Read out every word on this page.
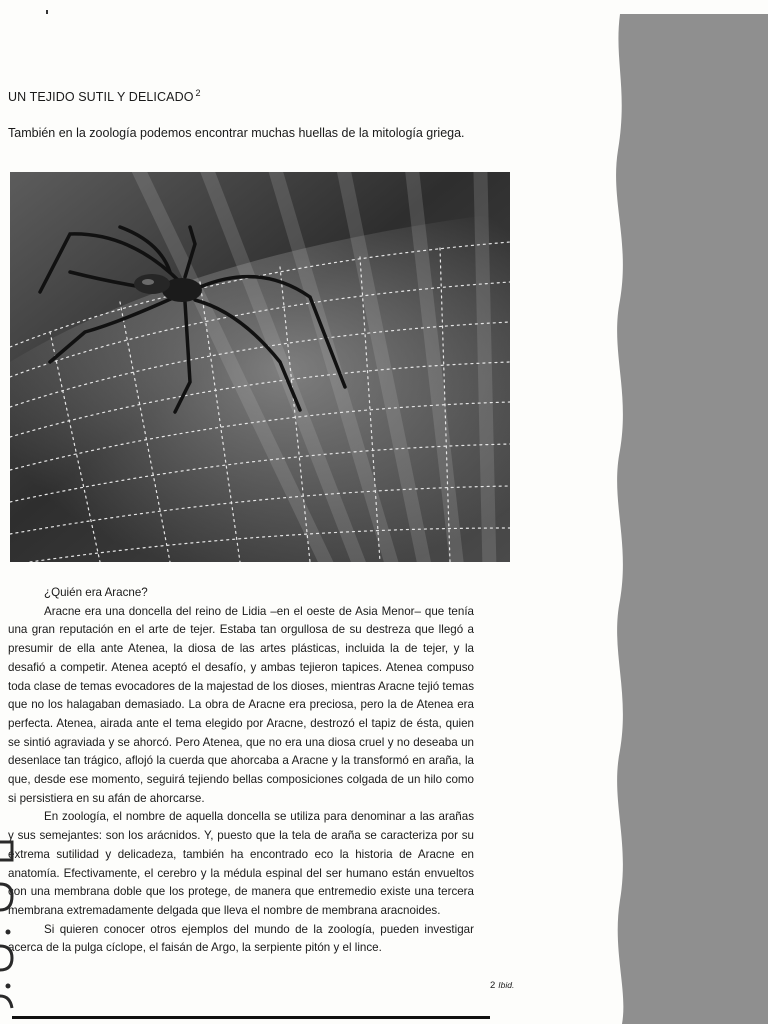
UN TEJIDO SUTIL Y DELICADO $^2$

También en la zoología podemos encontrar muchas huellas de la mitología griega.

¿Quién era Aracne?

Aracne era una doncella del reino de Lidia –en el oeste de Asia Menor– que tenía una gran reputación en el arte de tejer. Estaba tan orgullosa de su destreza que llegó a presumir de ella ante Atenea, la diosa de las artes plásticas, incluida la de tejer, y la desafió a competir. Atenea aceptó el desafío, y ambas tejieron tapices. Atenea compuso toda clase de temas evocadores de la majestad de los dioses, mientras Aracne tejió temas que no los halagaban demasiado. La obra de Aracne era preciosa, pero la de Atenea era perfecta. Atenea, airada ante el tema elegido por Aracne, destrozó el tapiz de ésta, quien se sintió agraviada y se ahorcó. Pero Atenea, que no era una diosa cruel y no deseaba un desenlace tan trágico, aflojó la cuerda que ahorcaba a Aracne y la transformó en araña, la que, desde ese momento, seguirá tejiendo bellas composiciones colgada de un hilo como si persistiera en su afán de ahorcarse.

En zoología, el nombre de aquella doncella se utiliza para denominar a las arañas y sus semejantes: son los arácnidos. Y, puesto que la tela de araña se caracteriza por su extrema sutilidad y delicadeza, también ha encontrado eco la historia de Aracne en anatomía. Efectivamente, el cerebro y la médula espinal del ser humano están envueltos con una membrana doble que los protege, de manera que entremedio existe una tercera membrana extremadamente delgada que lleva el nombre de membrana aracnoides.

Si quieren conocer otros ejemplos del mundo de la zoología, pueden investigar acerca de la pulga cíclope, el faisán de Argo, la serpiente pitón y el lince.

2 Ibid.
